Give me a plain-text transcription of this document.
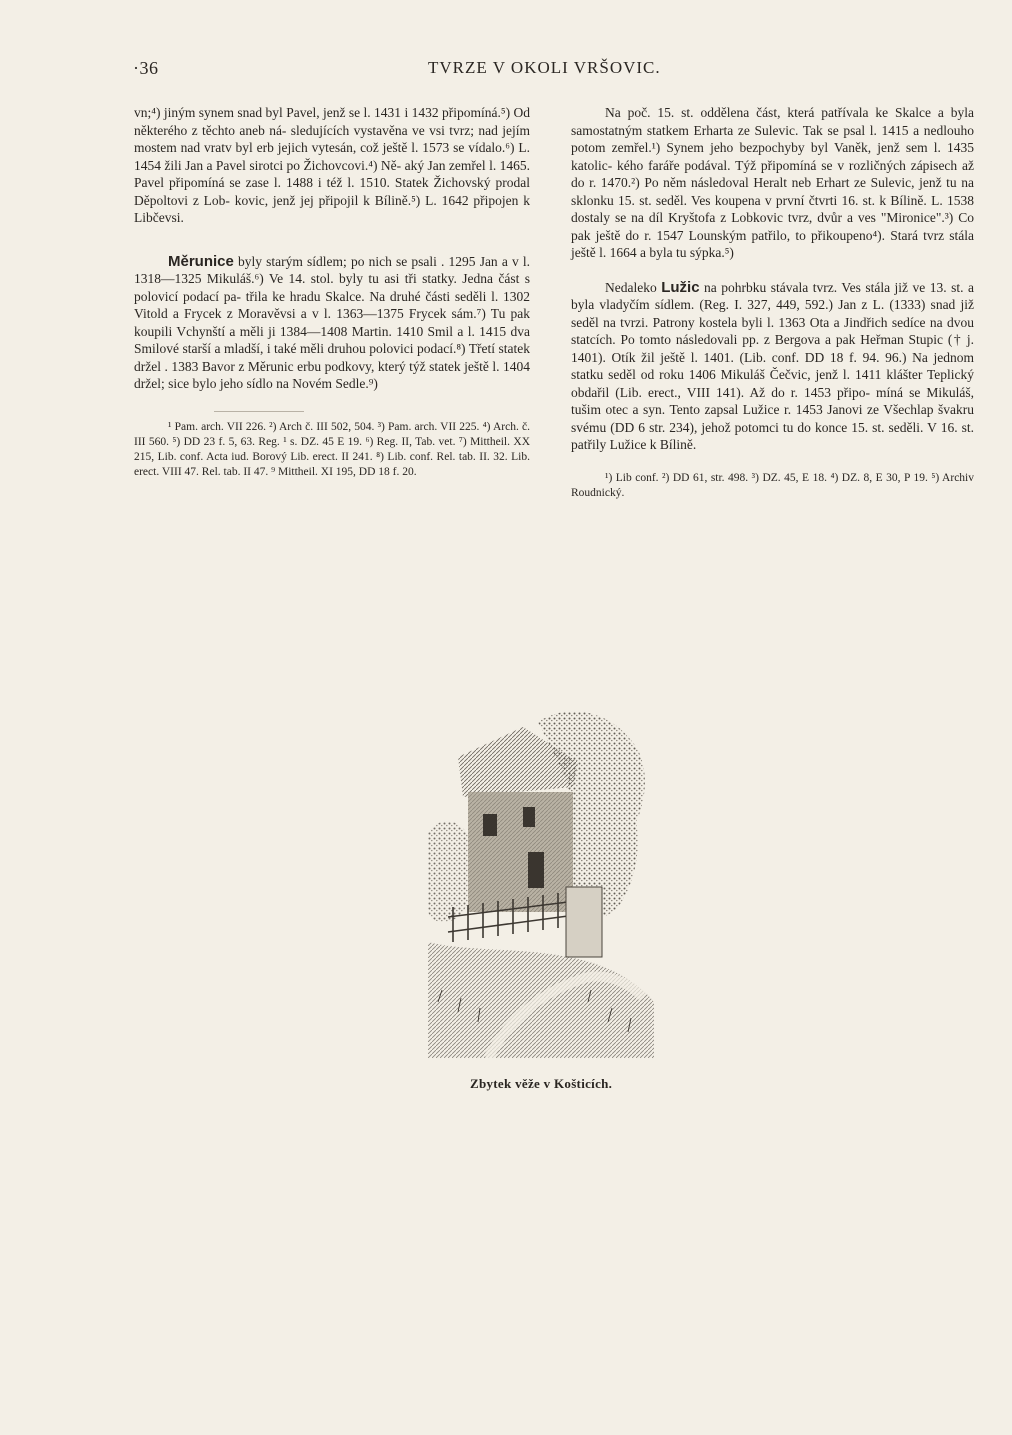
·36	TVRZE V OKOLI VRŠOVIC.

vn;⁴) jiným synem snad byl Pavel, jenž se l. 1431 i 1432 připomíná.⁵) Od některého z těchto aneb ná- sledujících vystavěna ve vsi tvrz; nad jejím mostem nad vratv byl erb jejich vytesán, což ještě l. 1573 se vídalo.⁶) L. 1454 žili Jan a Pavel sirotci po Žichovcovi.⁴) Ně- aký Jan zemřel l. 1465. Pavel připomíná se zase l. 1488 i též l. 1510. Statek Žichovský prodal Děpoltovi z Lob- kovic, jenž jej připojil k Bílině.⁵) L. 1642 připojen k Libčevsi.

Měrunice byly starým sídlem; po nich se psali . 1295 Jan a v l. 1318—1325 Mikuláš.⁶) Ve 14. stol. byly tu asi tři statky. Jedna část s polovicí podací pa- třila ke hradu Skalce. Na druhé části seděli l. 1302 Vitold a Frycek z Moravěvsi a v l. 1363—1375 Frycek sám.⁷) Tu pak koupili Vchynští a měli ji 1384—1408 Martin. 1410 Smil a l. 1415 dva Smilové starší a mladší, i také měli druhou polovici podací.⁸) Třetí statek držel . 1383 Bavor z Měrunic erbu podkovy, který týž statek ještě l. 1404 držel; sice bylo jeho sídlo na Novém Sedle.⁹)

¹ Pam. arch. VII 226. ²) Arch č. III 502, 504. ³) Pam. arch. VII 225. ⁴) Arch. č. III 560. ⁵) DD 23 f. 5, 63. Reg. ¹ s. DZ. 45 E 19. ⁶) Reg. II, Tab. vet. ⁷) Mittheil. XX 215, Lib. conf. Acta iud. Borový Lib. erect. II 241. ⁸) Lib. conf. Rel. tab. II. 32. Lib. erect. VIII 47. Rel. tab. II 47. ⁹ Mittheil. XI 195, DD 18 f. 20.

Na poč. 15. st. oddělena část, která patřívala ke Skalce a byla samostatným statkem Erharta ze Sulevic. Tak se psal l. 1415 a nedlouho potom zemřel.¹) Synem jeho bezpochyby byl Vaněk, jenž sem l. 1435 katolic- kého faráře podával. Týž připomíná se v rozličných zápisech až do r. 1470.²) Po něm následoval Heralt neb Erhart ze Sulevic, jenž tu na sklonku 15. st. seděl. Ves koupena v první čtvrti 16. st. k Bílině. L. 1538 dostaly se na díl Kryštofa z Lobkovic tvrz, dvůr a ves "Mironice".³) Co pak ještě do r. 1547 Lounským patřilo, to přikoupeno⁴). Stará tvrz stála ještě l. 1664 a byla tu sýpka.⁵)

Nedaleko Lužic na pohrbku stávala tvrz. Ves stála již ve 13. st. a byla vladyčím sídlem. (Reg. I. 327, 449, 592.) Jan z L. (1333) snad již seděl na tvrzi. Patrony kostela byli l. 1363 Ota a Jindřich sedíce na dvou statcích. Po tomto následovali pp. z Bergova a pak Heřman Stupic († j. 1401). Otík žil ještě l. 1401. (Lib. conf. DD 18 f. 94. 96.) Na jednom statku seděl od roku 1406 Mikuláš Čečvic, jenž l. 1411 klášter Teplický obdařil (Lib. erect., VIII 141). Až do r. 1453 připo- míná se Mikuláš, tušim otec a syn. Tento zapsal Lužice r. 1453 Janovi ze Všechlap švakru svému (DD 6 str. 234), jehož potomci tu do konce 15. st. seděli. V 16. st. patřily Lužice k Bílině.

¹) Lib conf. ²) DD 61, str. 498. ³) DZ. 45, E 18. ⁴) DZ. 8, E 30, P 19. ⁵) Archiv Roudnický.

Zbytek věže v Košticích.
